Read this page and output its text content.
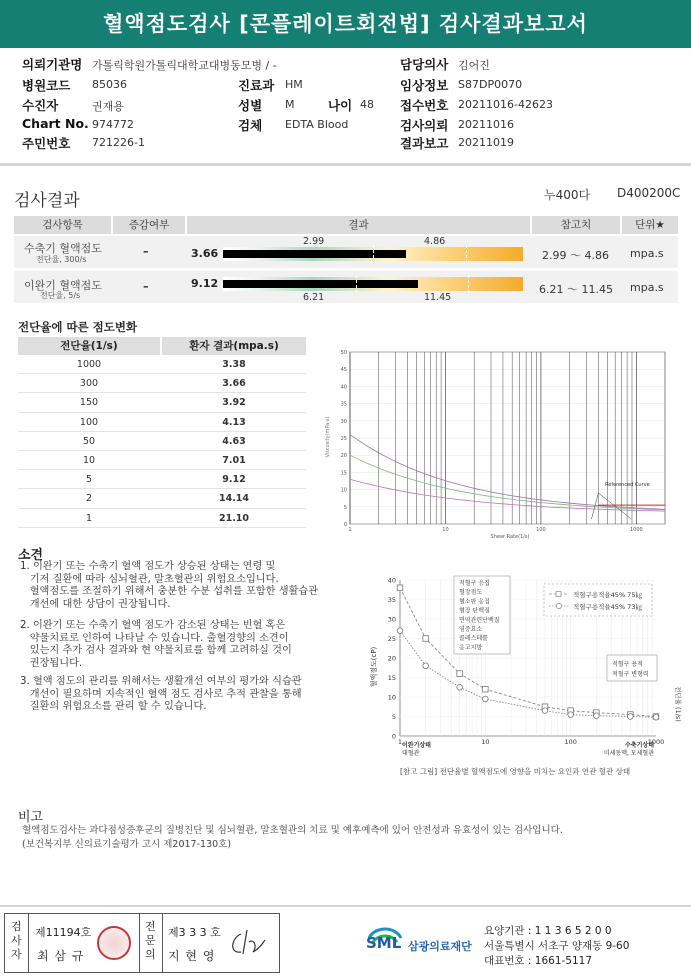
혈액점도검사 [콘플레이트회전법] 검사결과보고서
의뢰기관명 가톨릭학원가톨릭대학교대병동모병 / -
병원코드 85036
수진자	권재용
Chart No. 974772
주민번호 721226-1
진료과 HM
성별 M	나이 48
검체 EDTA Blood
담당의사 김어진
임상정보 S87DP0070
접수번호 20211016-42623
검사의뢰 20211016
결과보고 20211019
검사결과	누400다 D400200C
검사항목	증감여부	결과	참고치	단위★
수축기 혈액점도
전단율, 300/s
–	3.66
2.99	4.86
2.99 ～ 4.86 mpa.s
이완기 혈액점도
전단율, 5/s
–	9.12
6.21	11.45
6.21 ～ 11.45 mpa.s
전단율에 따른 점도변화
전단율(1/s)	환자 결과(mpa.s)
1000	3.38
300	3.66
150	3.92
100	4.13
50	4.63
10	7.01
5	9.12
2	14.14
1	21.10
Viscosity(mPa·s)
50
45
40
35
30
25
20
15
10
5
0
1	10	100	1000
Shear Rate(1/s)
Referenced Curve
소견
1. 이완기 또는 수축기 혈액 점도가 상승된 상태는 연령 및
기저 질환에 따라 심뇌혈관, 말초혈관의 위험요소입니다.
혈액점도를 조절하기 위해서 충분한 수분 섭취를 포함한 생활습관
개선에 대한 상담이 권장됩니다.
2. 이완기 또는 수축기 혈액 점도가 감소된 상태는 빈혈 혹은
약물치료로 인하여 나타날 수 있습니다. 출혈경향의 소견이
있는지 추가 검사 결과와 현 약물치료를 함께 고려하실 것이
권장됩니다.
3. 혈액 점도의 관리를 위해서는 생활개선 여부의 평가와 식습관
개선이 필요하며 지속적인 혈액 점도 검사로 추적 관찰을 통해
질환의 위험요소를 관리 할 수 있습니다.
혈액점도(cP)
40
35
30
25
20
15
10
5
0
1	10	100	1000
적혈구 응집
혈장점도
혈소판 응집
혈장 단백질
면역관련단백질
염증요소
콜레스테롤
응고지방
적혈구용적율45% 75㎏
적혈구용적율45% 73㎏
적혈구 용적
적혈구 변형력
전단율 (1/s)
이완기상태
대혈관
수축기상태
미세동맥, 모세혈관
[참고 그림] 전단율별 혈액점도에 영향을 미치는 요인과 연관 혈관 상태
비고
혈액점도검사는 과다점성증후군의 질병진단 및 심뇌혈관, 말초혈관의 치료 및 예후예측에 있어 안전성과 유효성이 있는 검사입니다.
(보건복지부 신의료기술평가 고시 제2017-130호)
검사자
제11194호
최 삼 규
전문의
제3 3 3 호
지 현 영
SML 삼광의료재단
요양기관 : 1 1 3 6 5 2 0 0
서울특별시 서초구 양재동 9-60
대표번호 : 1661-5117
